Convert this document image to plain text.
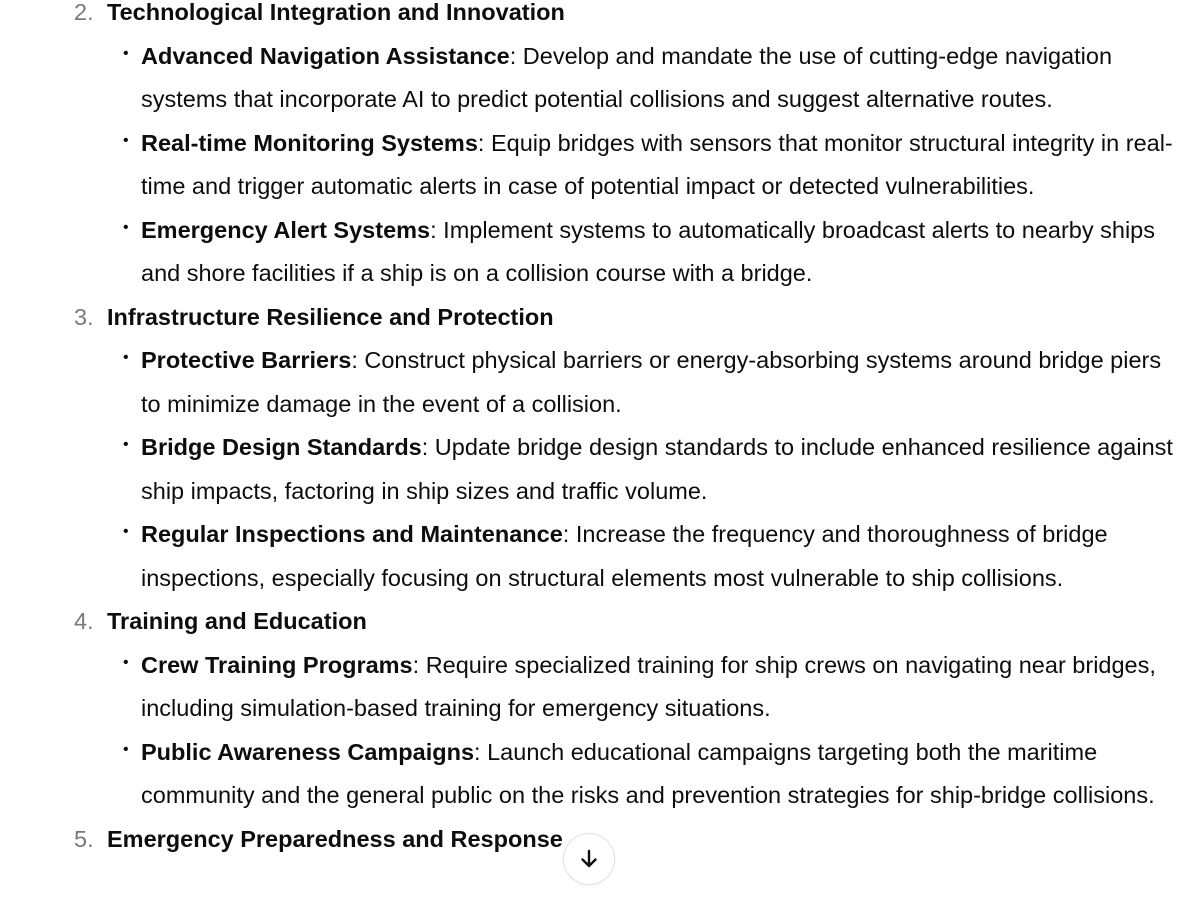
2. Technological Integration and Innovation
• Advanced Navigation Assistance: Develop and mandate the use of cutting-edge navigation systems that incorporate AI to predict potential collisions and suggest alternative routes.
• Real-time Monitoring Systems: Equip bridges with sensors that monitor structural integrity in real-time and trigger automatic alerts in case of potential impact or detected vulnerabilities.
• Emergency Alert Systems: Implement systems to automatically broadcast alerts to nearby ships and shore facilities if a ship is on a collision course with a bridge.
3. Infrastructure Resilience and Protection
• Protective Barriers: Construct physical barriers or energy-absorbing systems around bridge piers to minimize damage in the event of a collision.
• Bridge Design Standards: Update bridge design standards to include enhanced resilience against ship impacts, factoring in ship sizes and traffic volume.
• Regular Inspections and Maintenance: Increase the frequency and thoroughness of bridge inspections, especially focusing on structural elements most vulnerable to ship collisions.
4. Training and Education
• Crew Training Programs: Require specialized training for ship crews on navigating near bridges, including simulation-based training for emergency situations.
• Public Awareness Campaigns: Launch educational campaigns targeting both the maritime community and the general public on the risks and prevention strategies for ship-bridge collisions.
5. Emergency Preparedness and Response
